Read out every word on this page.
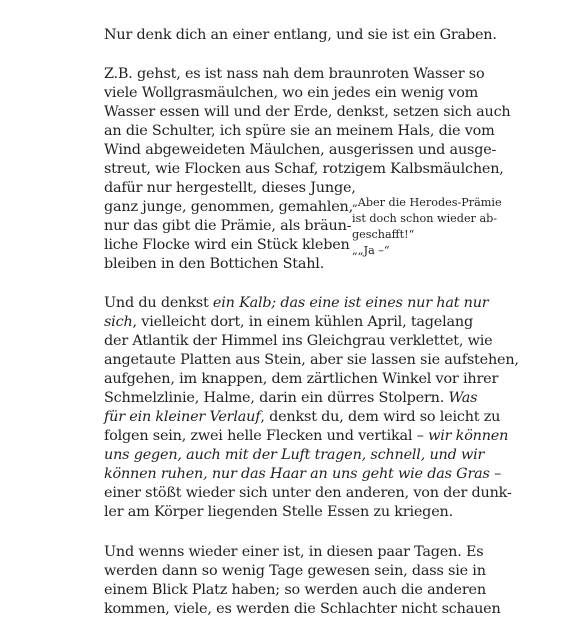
Nur denk dich an einer entlang, und sie ist ein Graben.
Z.B. gehst, es ist nass nah dem braunroten Wasser so
viele Wollgrasmäulchen, wo ein jedes ein wenig vom
Wasser essen will und der Erde, denkst, setzen sich auch
an die Schulter, ich spüre sie an meinem Hals, die vom
Wind abgeweideten Mäulchen, ausgerissen und ausge-
streut, wie Flocken aus Schaf, rotzigem Kalbsmäulchen,
dafür nur hergestellt, dieses Junge,
ganz junge, genommen, gemahlen,
nur das gibt die Prämie, als bräun-
liche Flocke wird ein Stück kleben
bleiben in den Bottichen Stahl.
„Aber die Herodes-Prämie
ist doch schon wieder ab-
geschafft!“
„„Ja –“
Und du denkst ein Kalb; das eine ist eines nur hat nur
sich, vielleicht dort, in einem kühlen April, tagelang
der Atlantik der Himmel ins Gleichgrau verklettet, wie
angetaute Platten aus Stein, aber sie lassen sie aufstehen,
aufgehen, im knappen, dem zärtlichen Winkel vor ihrer
Schmelzlinie, Halme, darin ein dürres Stolpern. Was
für ein kleiner Verlauf, denkst du, dem wird so leicht zu
folgen sein, zwei helle Flecken und vertikal – wir können
uns gegen, auch mit der Luft tragen, schnell, und wir
können ruhen, nur das Haar an uns geht wie das Gras –
einer stößt wieder sich unter den anderen, von der dunk-
ler am Körper liegenden Stelle Essen zu kriegen.
Und wenns wieder einer ist, in diesen paar Tagen. Es
werden dann so wenig Tage gewesen sein, dass sie in
einem Blick Platz haben; so werden auch die anderen
kommen, viele, es werden die Schlachter nicht schauen
